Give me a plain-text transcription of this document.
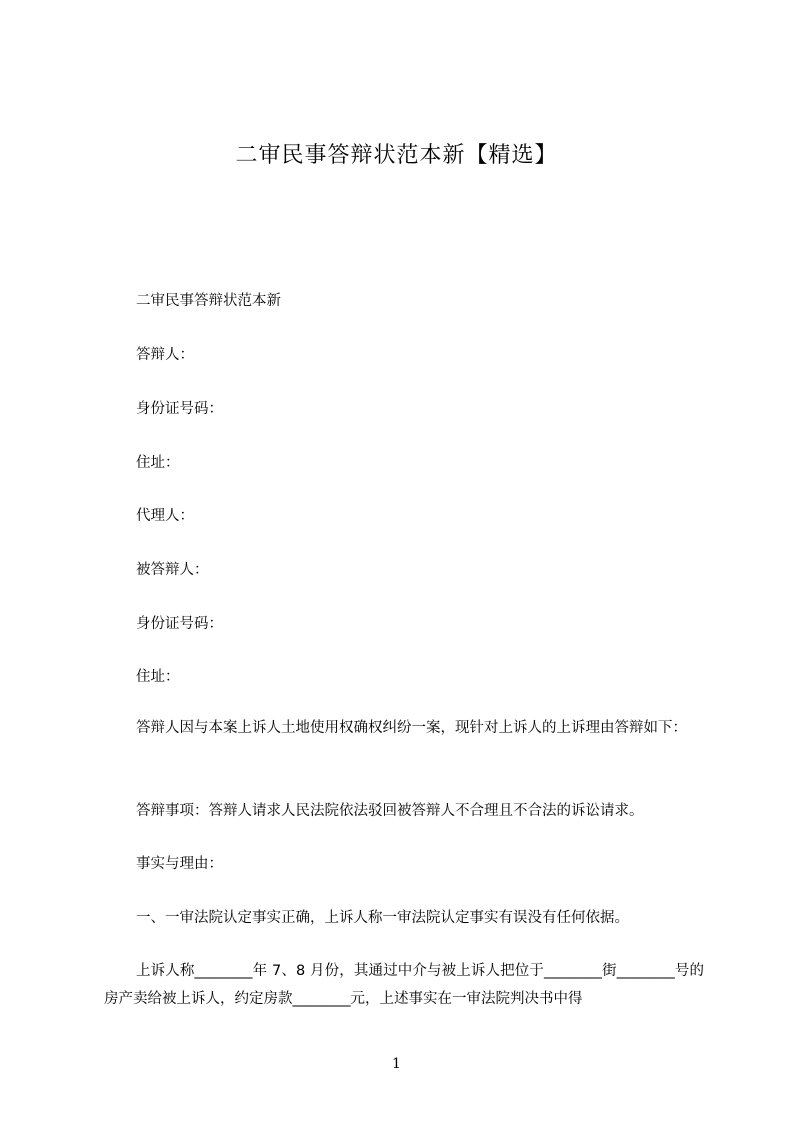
二审民事答辩状范本新【精选】
二审民事答辩状范本新
答辩人：
身份证号码：
住址：
代理人：
被答辩人：
身份证号码：
住址：
答辩人因与本案上诉人土地使用权确权纠纷一案，现针对上诉人的上诉理由答辩如下：
答辩事项：答辩人请求人民法院依法驳回被答辩人不合理且不合法的诉讼请求。
事实与理由：
一、一审法院认定事实正确，上诉人称一审法院认定事实有误没有任何依据。
上诉人称________年 7、8 月份，其通过中介与被上诉人把位于________街________号的房产卖给被上诉人，约定房款________元，上述事实在一审法院判决书中得
1
